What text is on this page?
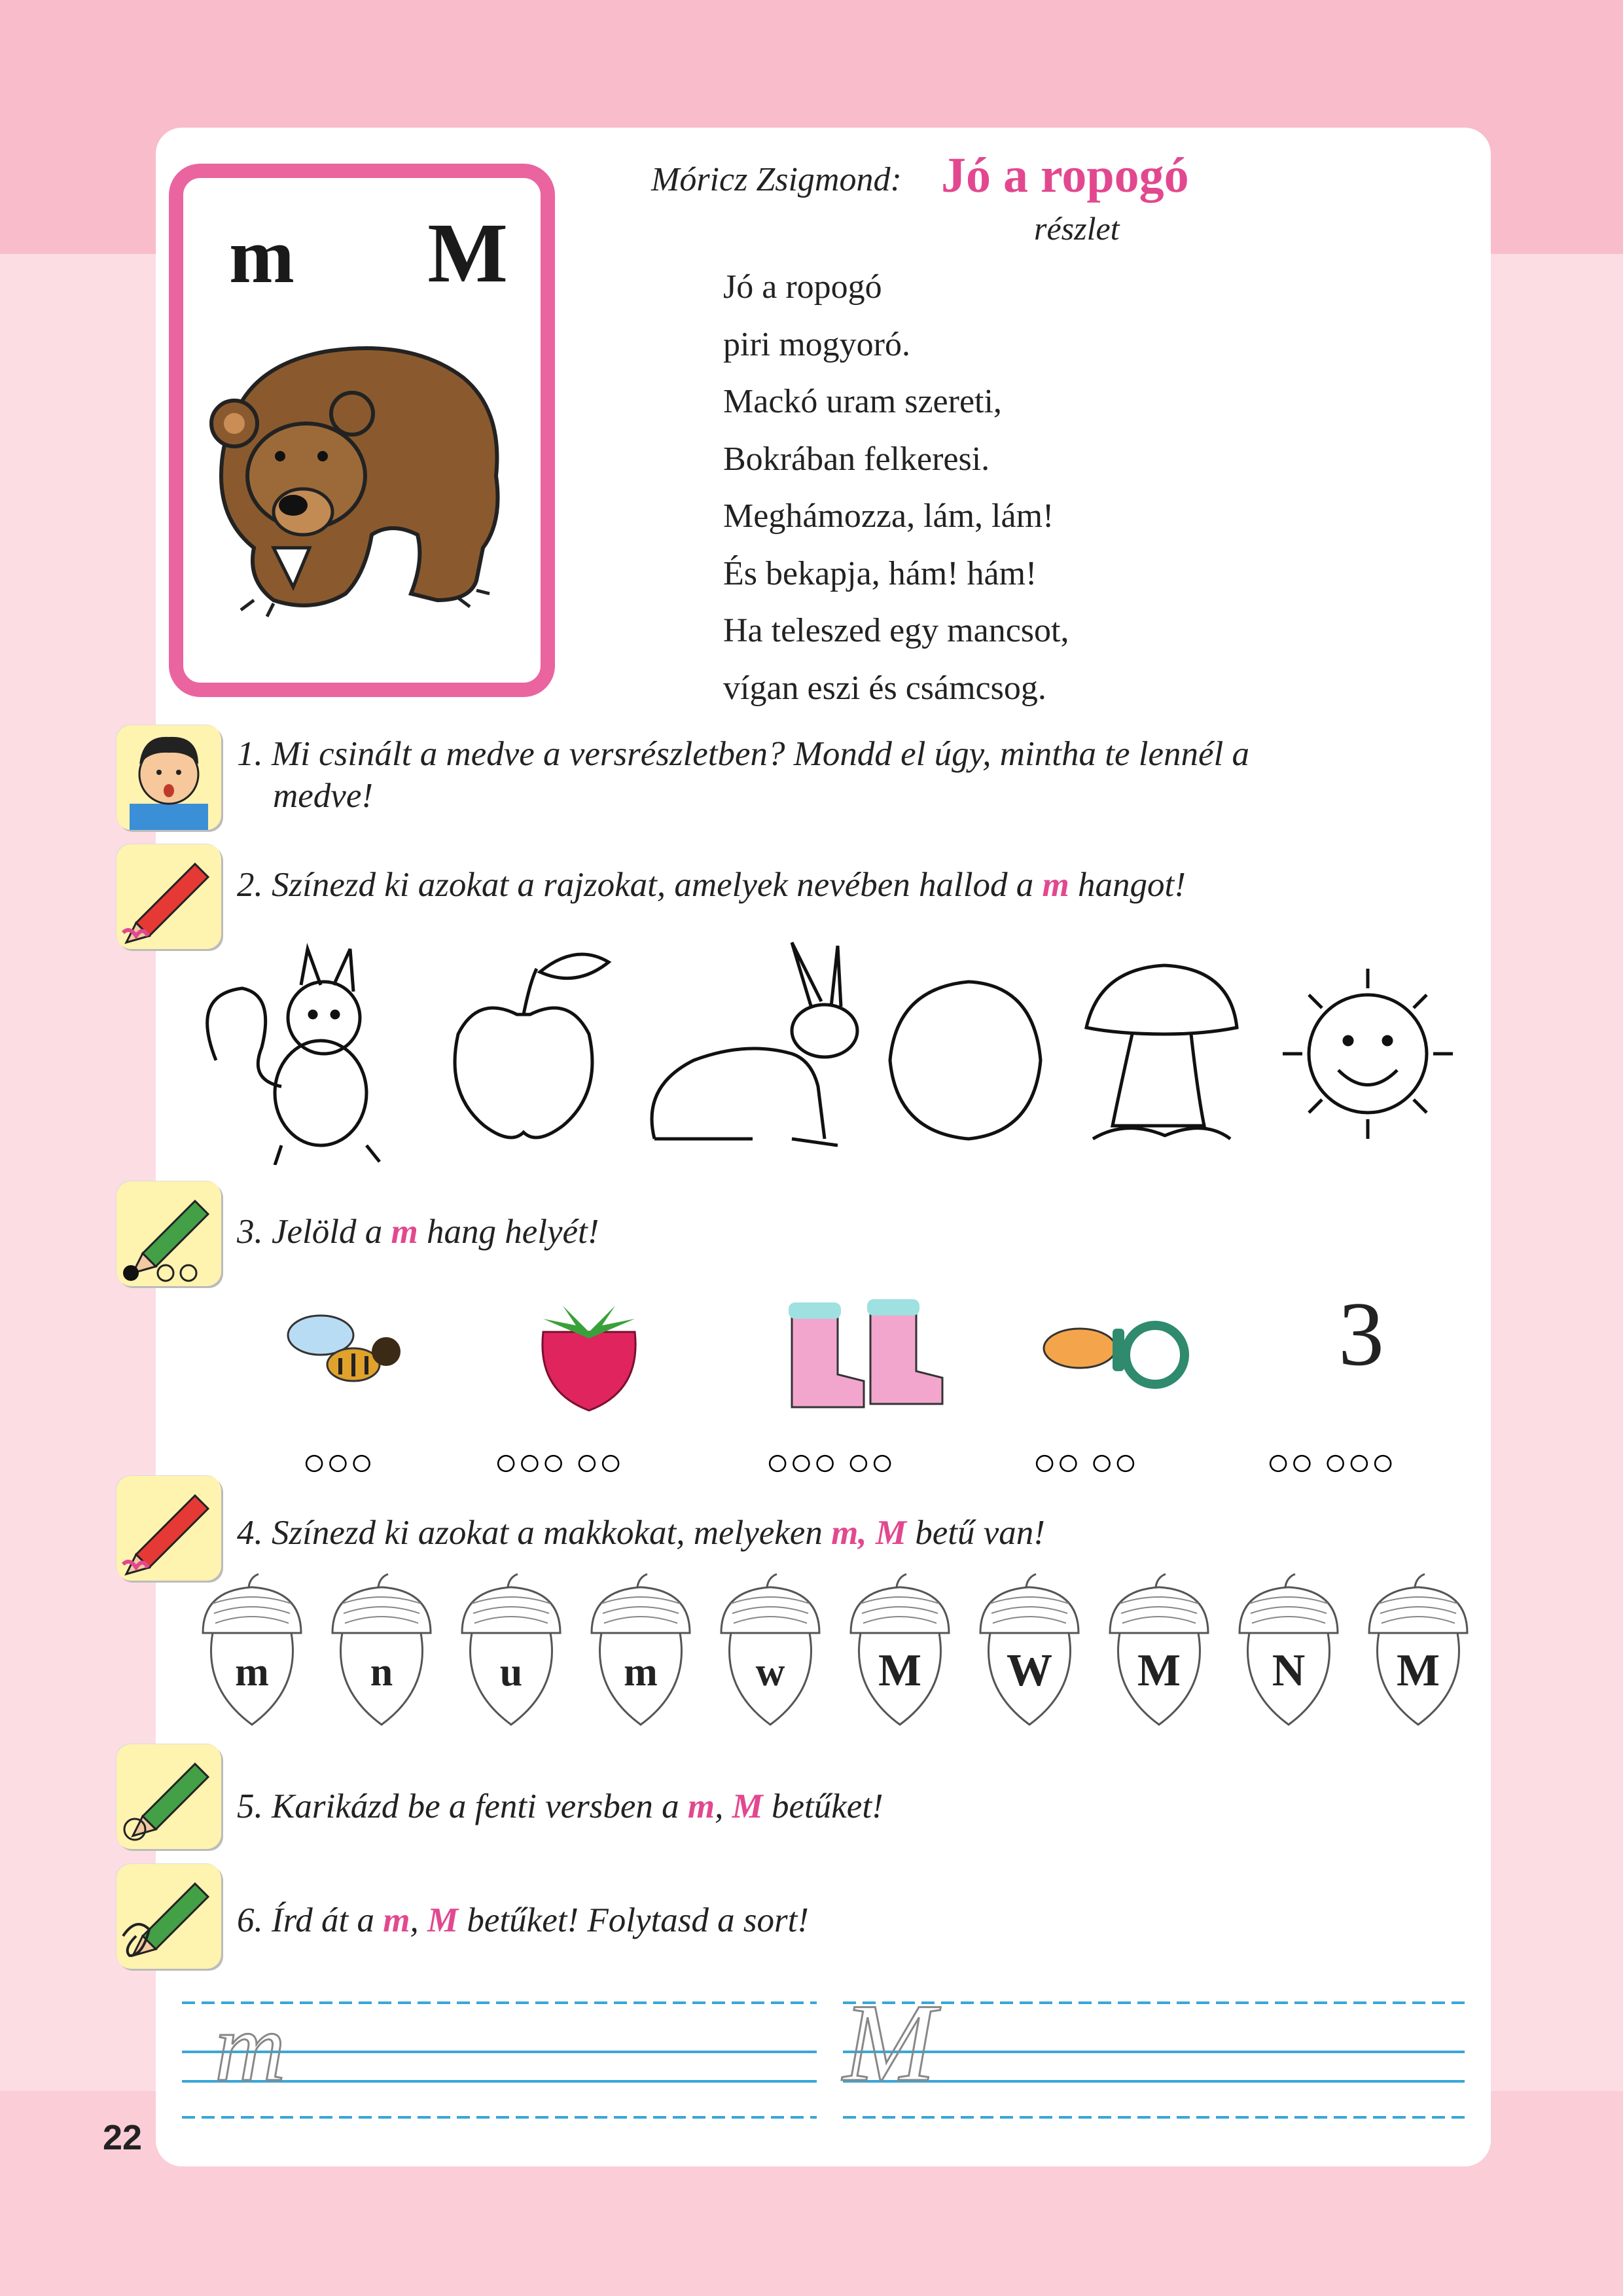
m M
Móricz Zsigmond: Jó a ropogó
részlet
Jó a ropogó
piri mogyoró.
Mackó uram szereti,
Bokrában felkeresi.
Meghámozza, lám, lám!
És bekapja, hám! hám!
Ha teleszed egy mancsot,
vígan eszi és csámcsog.
1. Mi csinált a medve a versrészletben? Mondd el úgy, mintha te lennél a
medve!
2. Színezd ki azokat a rajzokat, amelyek nevében hallod a m hangot!
3. Jelöld a m hang helyét!
3
○○○	○○○ ○○	○○○ ○○	○○ ○○	○○ ○○○
4. Színezd ki azokat a makkokat, melyeken m, M betű van!
m n	u m w M W M N M
5. Karikázd be a fenti versben a m, M betűket!
6. Írd át a m, M betűket! Folytasd a sort!
m	M
22
